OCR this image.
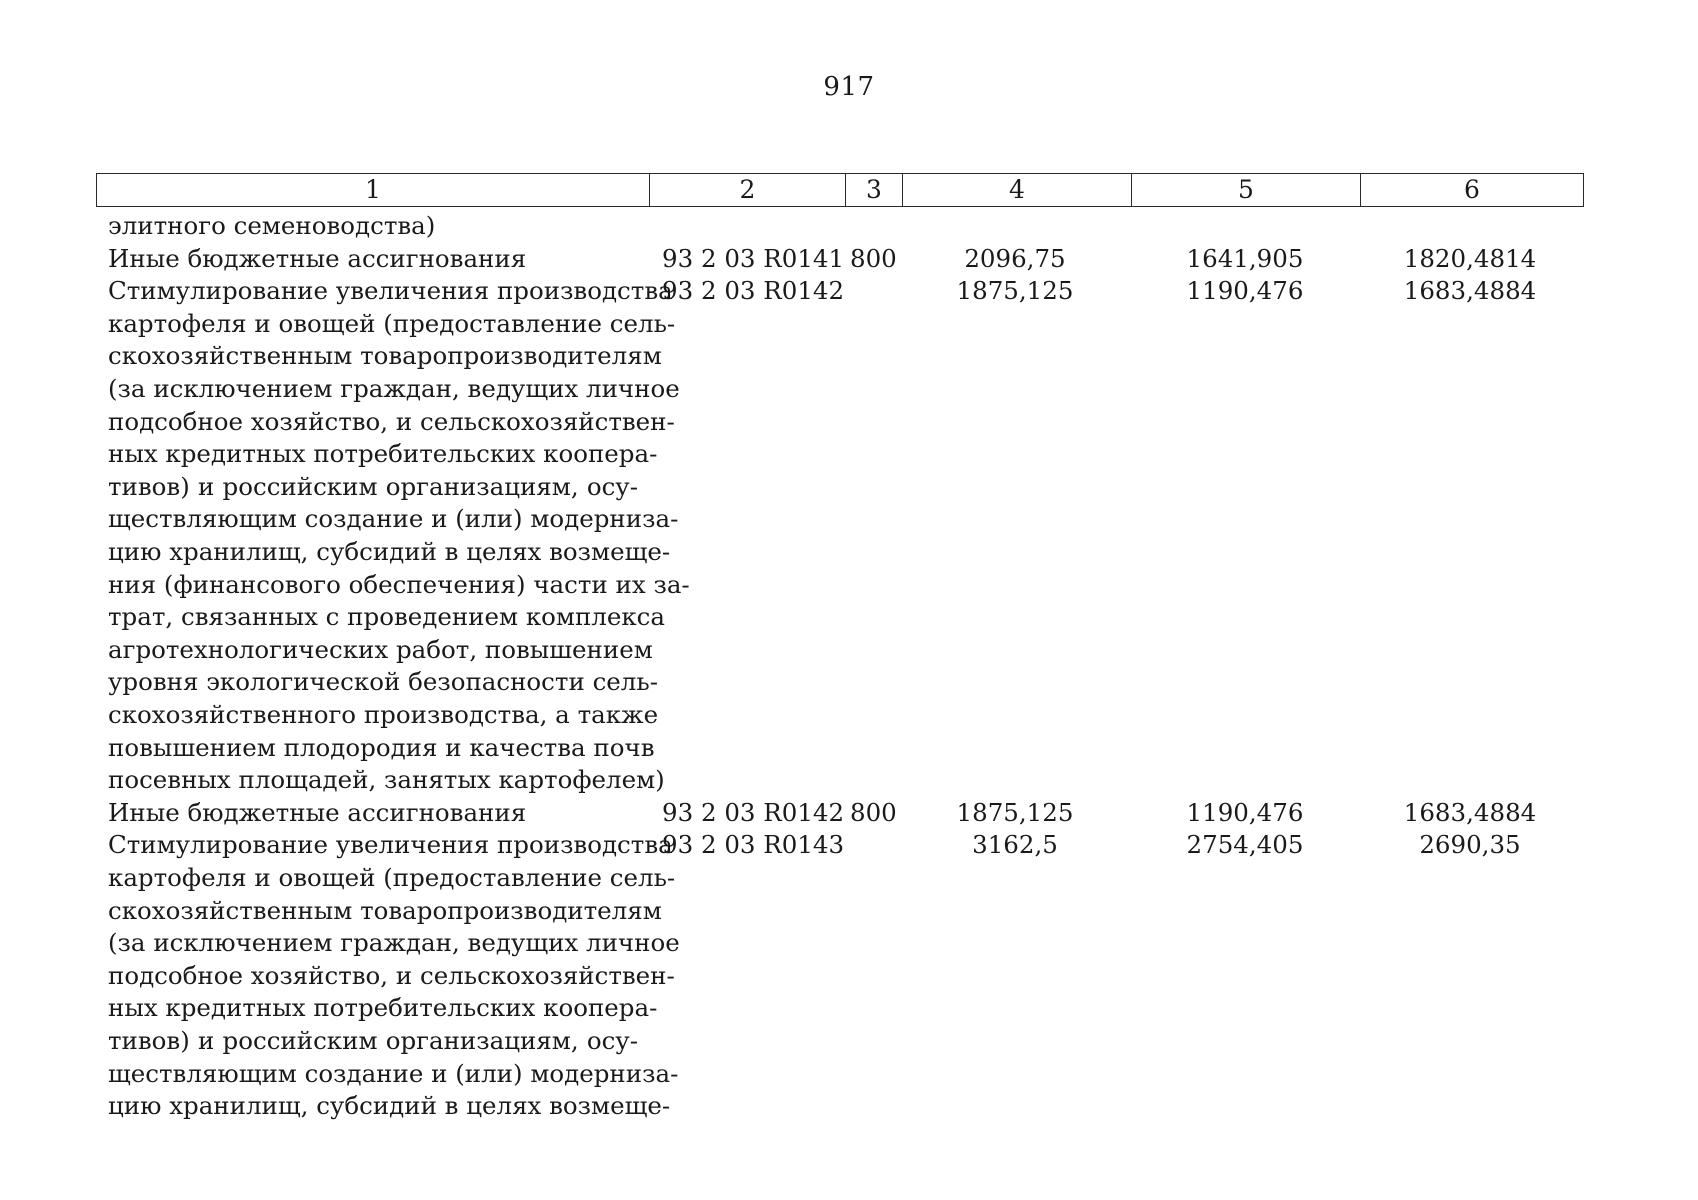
917
1	2	3	4	5	6
элитного семеноводства)
Иные бюджетные ассигнования	93 2 03 R0141 800	2096,75	1641,905	1820,4814
Стимулирование увеличения производства
картофеля и овощей (предоставление сель-
скохозяйственным товаропроизводителям
(за исключением граждан, ведущих личное
подсобное хозяйство, и сельскохозяйствен-
ных кредитных потребительских коопера-
тивов) и российским организациям, осу-
ществляющим создание и (или) модерниза-
цию хранилищ, субсидий в целях возмеще-
ния (финансового обеспечения) части их за-
трат, связанных с проведением комплекса
агротехнологических работ, повышением
уровня экологической безопасности сель-
скохозяйственного производства, а также
повышением плодородия и качества почв
посевных площадей, занятых картофелем)
93 2 03 R0142	1875,125	1190,476	1683,4884
Иные бюджетные ассигнования	93 2 03 R0142 800	1875,125	1190,476	1683,4884
Стимулирование увеличения производства
картофеля и овощей (предоставление сель-
скохозяйственным товаропроизводителям
(за исключением граждан, ведущих личное
подсобное хозяйство, и сельскохозяйствен-
ных кредитных потребительских коопера-
тивов) и российским организациям, осу-
ществляющим создание и (или) модерниза-
цию хранилищ, субсидий в целях возмеще-
93 2 03 R0143	3162,5	2754,405	2690,35
